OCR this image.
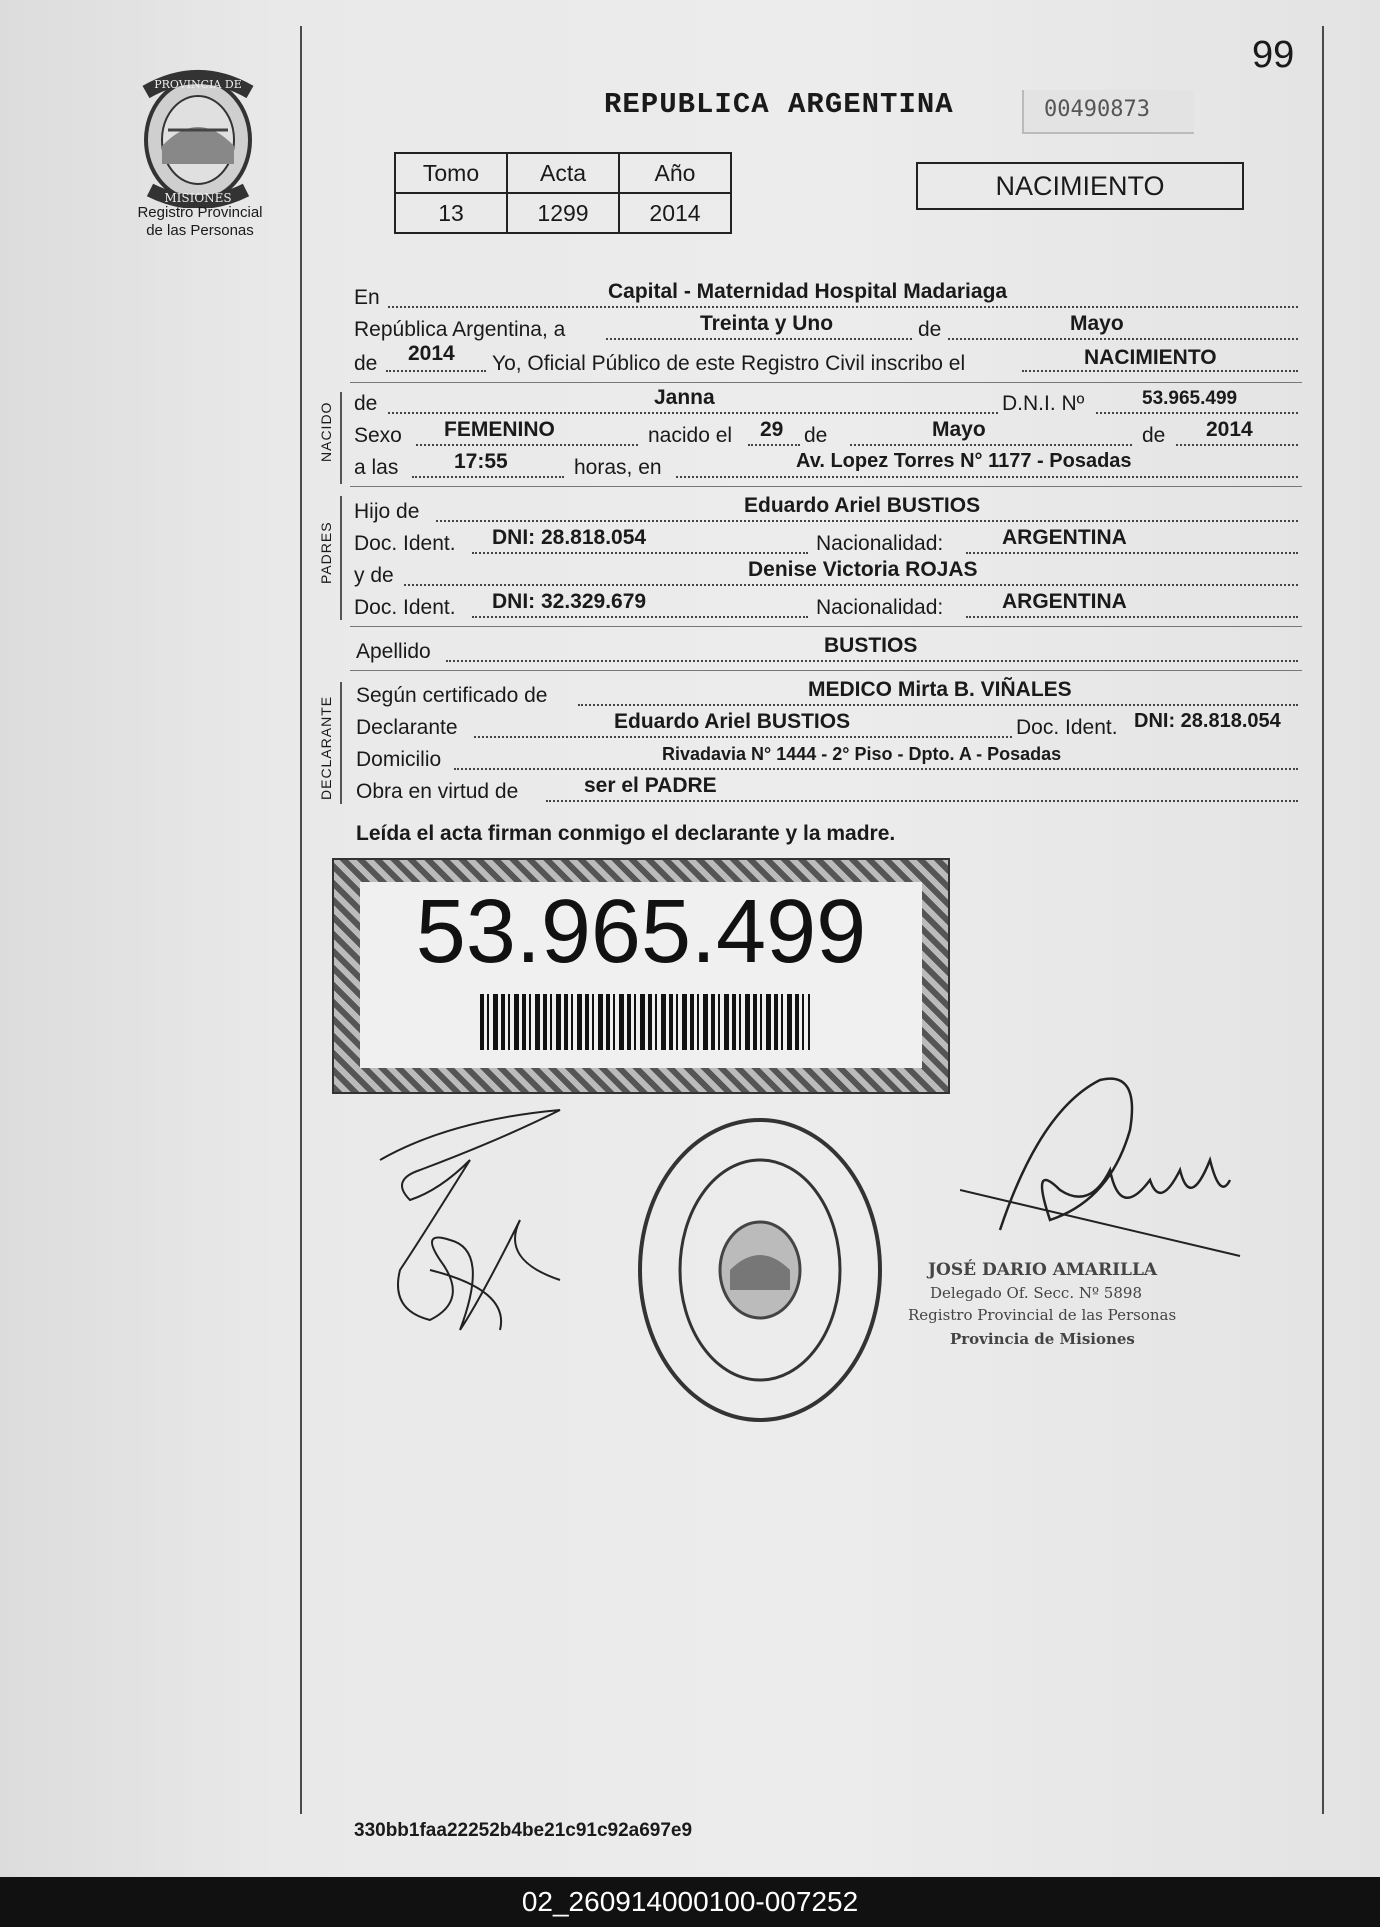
99
PROVINCIA DE
MISIONES
Registro Provincial
de las Personas
REPUBLICA ARGENTINA	00490873
Tomo	Acta	Año
13	1299	2014
NACIMIENTO
En	Capital - Maternidad Hospital Madariaga
República Argentina, a	Treinta y Uno	de	Mayo
de 2014 Yo, Oficial Público de este Registro Civil inscribo el	NACIMIENTO
NACIDO de	Janna	D.N.I. Nº	53.965.499
Sexo FEMENINO	nacido el 29 de	Mayo	de 2014
a las	17:55	horas, en	Av. Lopez Torres N° 1177 - Posadas
PADRES
Hijo de	Eduardo Ariel BUSTIOS
Doc. Ident. DNI: 28.818.054	Nacionalidad:	ARGENTINA
y de	Denise Victoria ROJAS
Doc. Ident. DNI: 32.329.679	Nacionalidad:	ARGENTINA
Apellido	BUSTIOS
DECLARANTE
Según certificado de	MEDICO Mirta B. VIÑALES
Declarante	Eduardo Ariel BUSTIOS	Doc. Ident. DNI: 28.818.054
Domicilio	Rivadavia N° 1444 - 2° Piso - Dpto. A - Posadas
Obra en virtud de	ser el PADRE
Leída el acta firman conmigo el declarante y la madre.
53.965.499
JOSÉ DARIO AMARILLA
Delegado Of. Secc. Nº 5898
Registro Provincial de las Personas
Provincia de Misiones
330bb1faa22252b4be21c91c92a697e9
02_260914000100-007252
